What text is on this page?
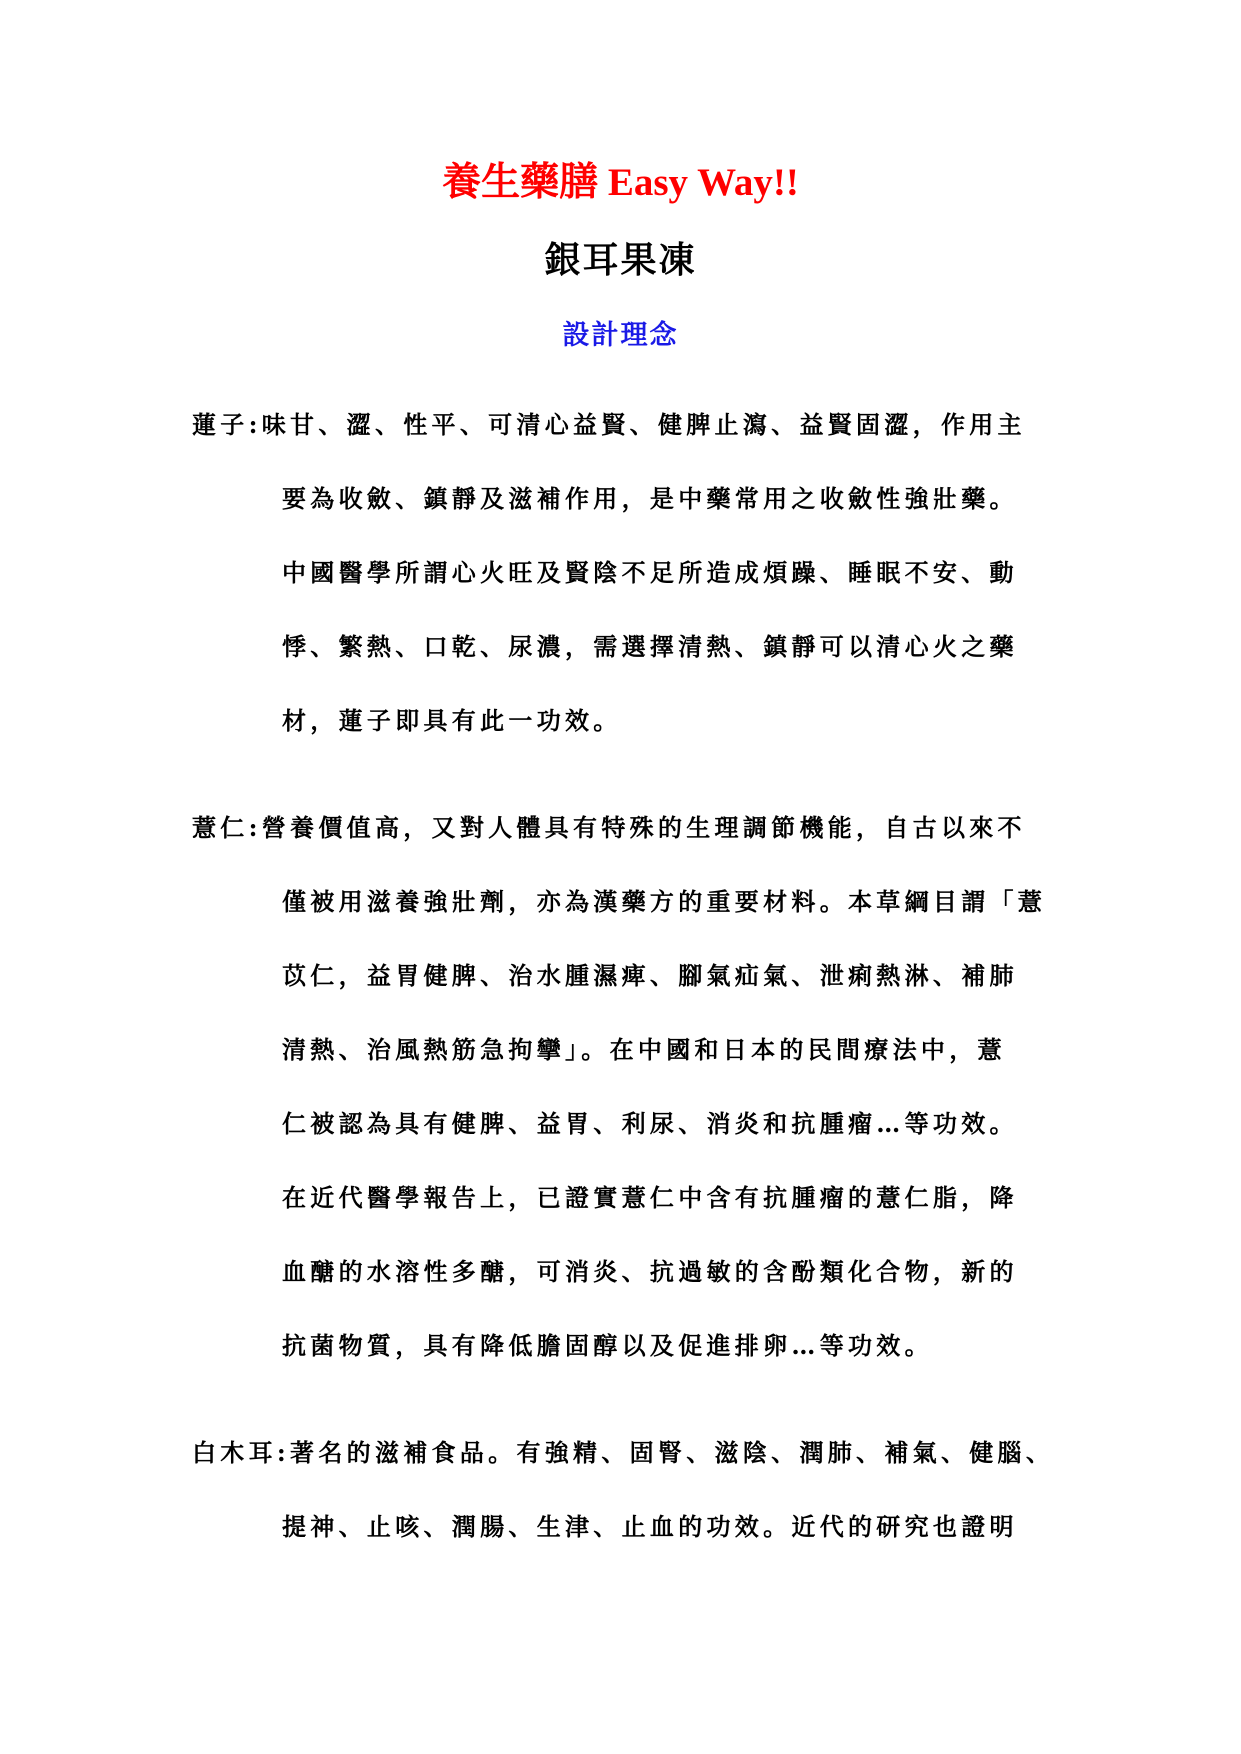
養生藥膳 Easy Way!!
銀耳果凍
設計理念
蓮子:味甘、澀、性平、可清心益賢、健脾止瀉、益賢固澀，作用主
要為收斂、鎮靜及滋補作用，是中藥常用之收斂性強壯藥。
中國醫學所謂心火旺及賢陰不足所造成煩躁、睡眠不安、動
悸、繁熱、口乾、尿濃，需選擇清熱、鎮靜可以清心火之藥
材，蓮子即具有此一功效。
薏仁:營養價值高，又對人體具有特殊的生理調節機能，自古以來不
僅被用滋養強壯劑，亦為漢藥方的重要材料。本草綱目謂「薏
苡仁，益胃健脾、治水腫濕痺、腳氣疝氣、泄痢熱淋、補肺
清熱、治風熱筋急拘攣」。在中國和日本的民間療法中，薏
仁被認為具有健脾、益胃、利尿、消炎和抗腫瘤…等功效。
在近代醫學報告上，已證實薏仁中含有抗腫瘤的薏仁脂，降
血醣的水溶性多醣，可消炎、抗過敏的含酚類化合物，新的
抗菌物質，具有降低膽固醇以及促進排卵…等功效。
白木耳:著名的滋補食品。有強精、固腎、滋陰、潤肺、補氣、健腦、
提神、止咳、潤腸、生津、止血的功效。近代的研究也證明
